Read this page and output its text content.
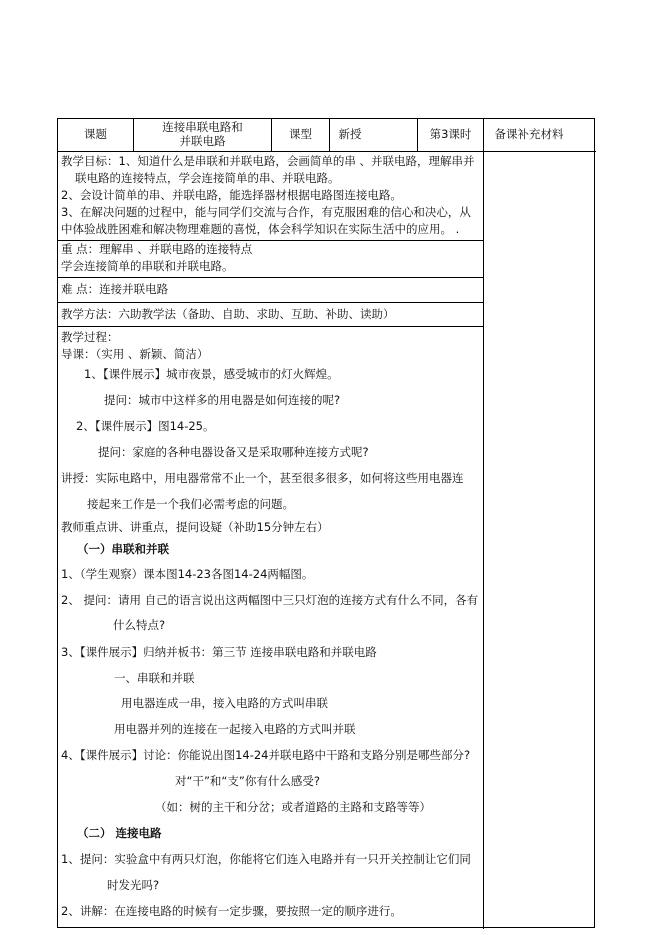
课题	连接串联电路和
并联电路	课型	新授	第3课时	备课补充材料
教学目标：1、知道什么是串联和并联电路，会画简单的串 、并联电路，理解串并
联电路的连接特点，学会连接简单的串、并联电路。
2、会设计简单的串、并联电路，能选择器材根据电路图连接电路。
3、在解决问题的过程中，能与同学们交流与合作，有克服困难的信心和决心，从
中体验战胜困难和解决物理难题的喜悦，体会科学知识在实际生活中的应用。 .
重 点：理解串 、并联电路的连接特点
学会连接简单的串联和并联电路。
难 点：连接并联电路
教学方法：六助教学法（备助、自助、求助、互助、补助、读助）
教学过程：
导课：（实用 、新颖、简洁）
1、【课件展示】城市夜景，感受城市的灯火辉煌。
提问：城市中这样多的用电器是如何连接的呢?
2、【课件展示】图14-25。
提问：家庭的各种电器设备又是采取哪种连接方式呢?
讲授：实际电路中，用电器常常不止一个，甚至很多很多，如何将这些用电器连
接起来工作是一个我们必需考虑的问题。
教师重点讲、讲重点，提问设疑（补助15分钟左右）
（一）串联和并联
1、（学生观察）课本图14-23各图14-24两幅图。
2、 提问：请用 自己的语言说出这两幅图中三只灯泡的连接方式有什么不同，各有
什么特点?
3、【课件展示】归纳并板书：第三节 连接串联电路和并联电路
一、串联和并联
用电器连成一串，接入电路的方式叫串联
用电器并列的连接在一起接入电路的方式叫并联
4、【课件展示】讨论：你能说出图14-24并联电路中干路和支路分别是哪些部分?
对“干”和“支”你有什么感受?
（如：树的主干和分岔；或者道路的主路和支路等等）
（二） 连接电路
1、提问：实验盒中有两只灯泡，你能将它们连入电路并有一只开关控制让它们同
时发光吗?
2、讲解：在连接电路的时候有一定步骤，要按照一定的顺序进行。
